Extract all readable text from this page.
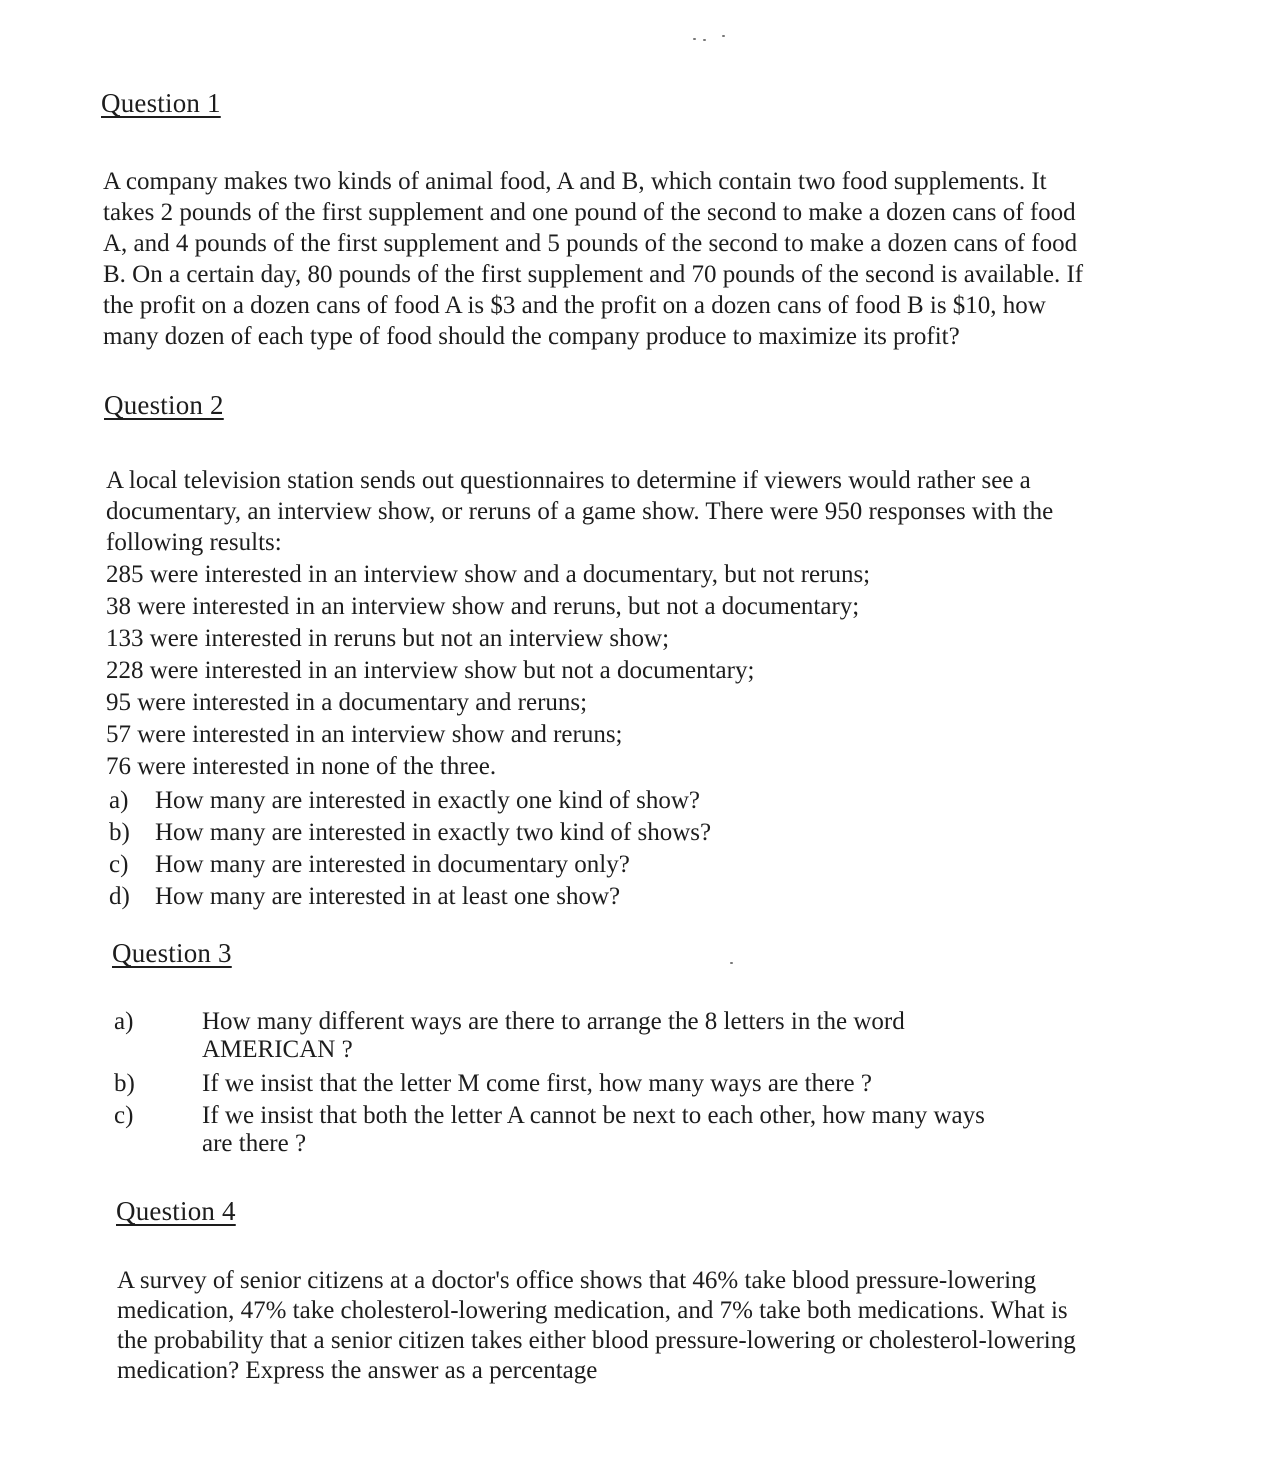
Question 1
A company makes two kinds of animal food, A and B, which contain two food supplements. It
takes 2 pounds of the first supplement and one pound of the second to make a dozen cans of food
A, and 4 pounds of the first supplement and 5 pounds of the second to make a dozen cans of food
B. On a certain day, 80 pounds of the first supplement and 70 pounds of the second is available. If
the profit on a dozen cans of food A is $3 and the profit on a dozen cans of food B is $10, how
many dozen of each type of food should the company produce to maximize its profit?
Question 2
A local television station sends out questionnaires to determine if viewers would rather see a
documentary, an interview show, or reruns of a game show. There were 950 responses with the
following results:
285 were interested in an interview show and a documentary, but not reruns;
38 were interested in an interview show and reruns, but not a documentary;
133 were interested in reruns but not an interview show;
228 were interested in an interview show but not a documentary;
95 were interested in a documentary and reruns;
57 were interested in an interview show and reruns;
76 were interested in none of the three.
a) How many are interested in exactly one kind of show?
b) How many are interested in exactly two kind of shows?
c) How many are interested in documentary only?
d) How many are interested in at least one show?
Question 3
a)	How many different ways are there to arrange the 8 letters in the word
AMERICAN ?
b)	If we insist that the letter M come first, how many ways are there ?
c)	If we insist that both the letter A cannot be next to each other, how many ways
are there ?
Question 4
A survey of senior citizens at a doctor's office shows that 46% take blood pressure-lowering
medication, 47% take cholesterol-lowering medication, and 7% take both medications. What is
the probability that a senior citizen takes either blood pressure-lowering or cholesterol-lowering
medication? Express the answer as a percentage
